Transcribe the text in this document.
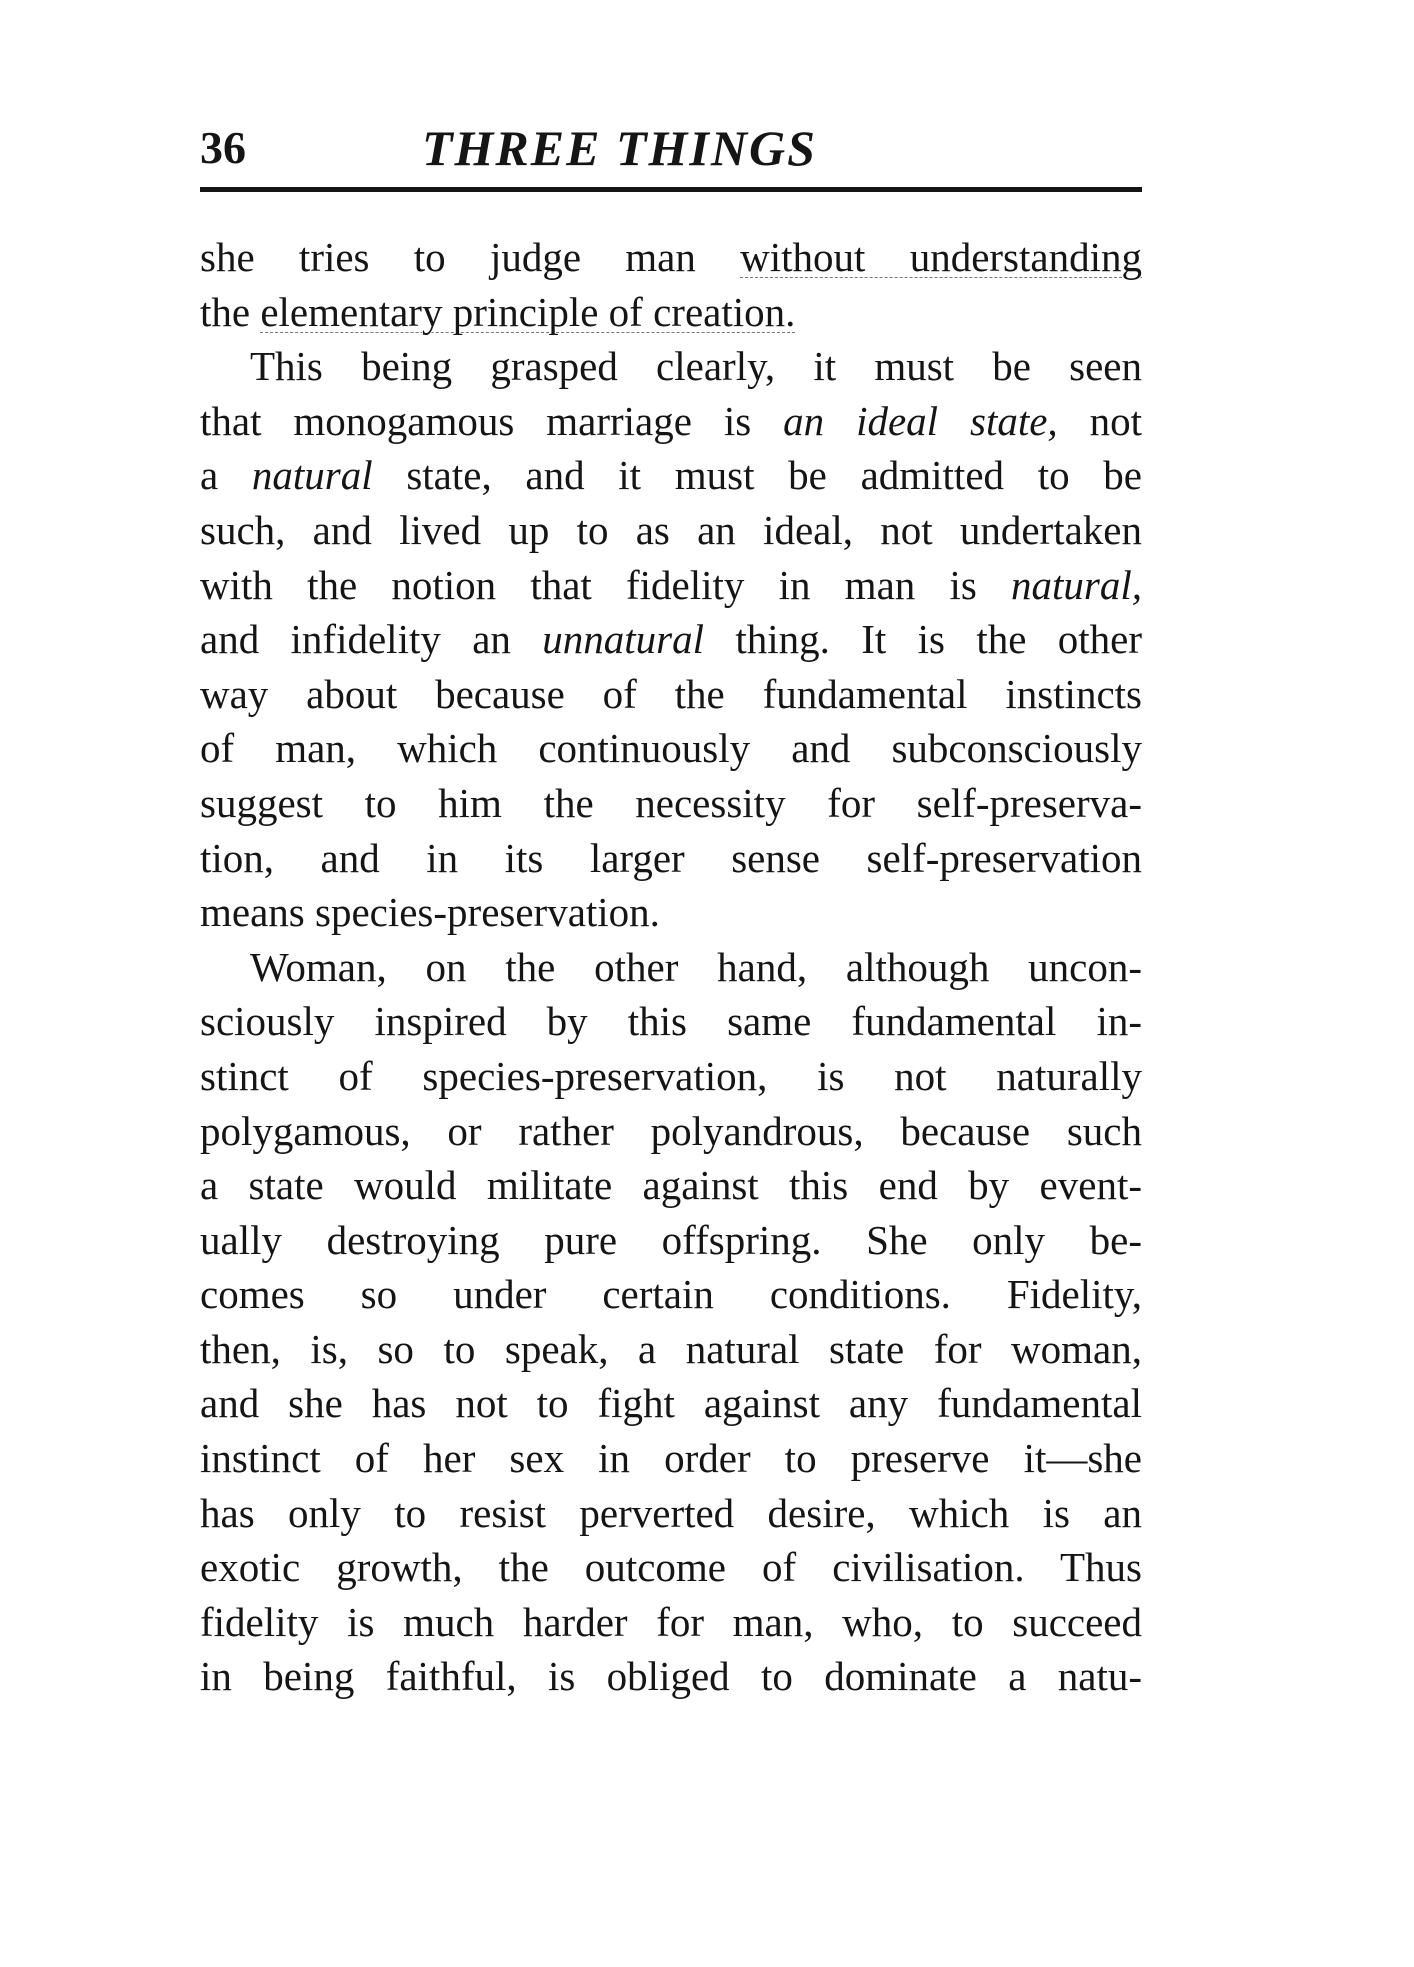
36	THREE THINGS
she tries to judge man without understanding
the elementary principle of creation.
This being grasped clearly, it must be seen
that monogamous marriage is an ideal state, not
a natural state, and it must be admitted to be
such, and lived up to as an ideal, not undertaken
with the notion that fidelity in man is natural,
and infidelity an unnatural thing. It is the other
way about because of the fundamental instincts
of man, which continuously and subconsciously
suggest to him the necessity for self-preserva-
tion, and in its larger sense self-preservation
means species-preservation.
Woman, on the other hand, although uncon-
sciously inspired by this same fundamental in-
stinct of species-preservation, is not naturally
polygamous, or rather polyandrous, because such
a state would militate against this end by event-
ually destroying pure offspring. She only be-
comes so under certain conditions. Fidelity,
then, is, so to speak, a natural state for woman,
and she has not to fight against any fundamental
instinct of her sex in order to preserve it—she
has only to resist perverted desire, which is an
exotic growth, the outcome of civilisation. Thus
fidelity is much harder for man, who, to succeed
in being faithful, is obliged to dominate a natu-
